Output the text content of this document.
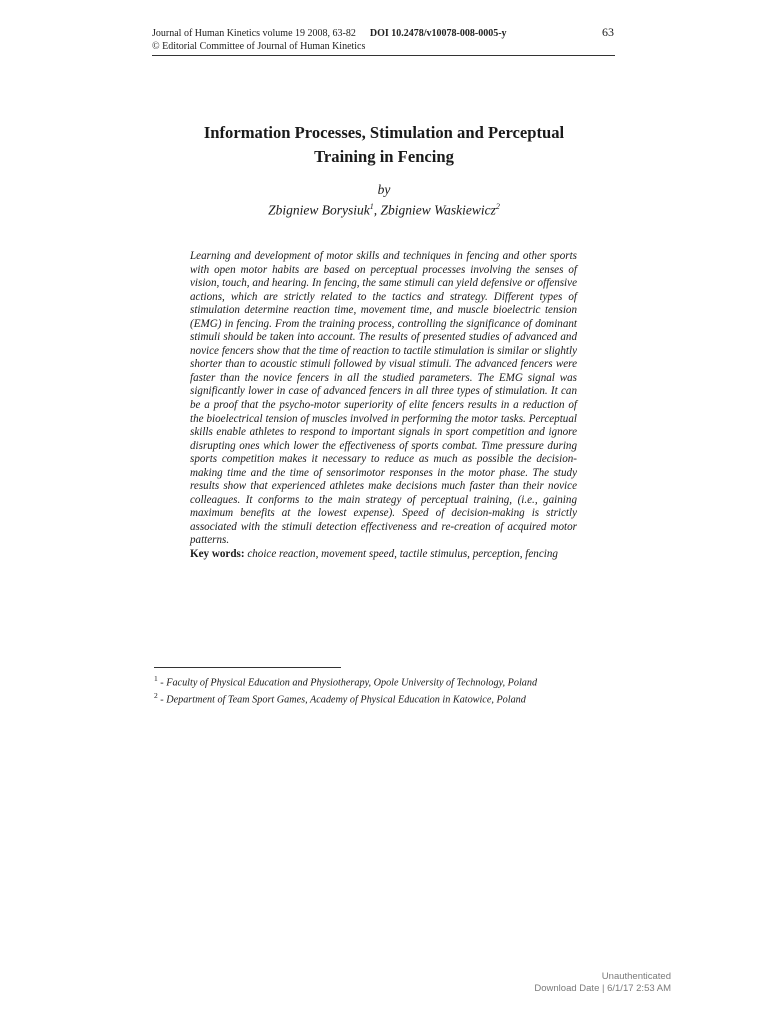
Journal of Human Kinetics volume 19 2008, 63-82 DOI 10.2478/v10078-008-0005-y
© Editorial Committee of Journal of Human Kinetics
63
Information Processes, Stimulation and Perceptual
Training in Fencing
by
Zbigniew Borysiuk$^1$, Zbigniew Waskiewicz$^2$

Learning and development of motor skills and techniques in fencing and other sports with open motor habits are based on perceptual processes involving the senses of vision, touch, and hearing. In fencing, the same stimuli can yield defensive or offensive actions, which are strictly related to the tactics and strategy. Different types of stimulation determine reaction time, movement time, and muscle bioelectric tension (EMG) in fencing. From the training process, controlling the significance of dominant stimuli should be taken into account. The results of presented studies of advanced and novice fencers show that the time of reaction to tactile stimulation is similar or slightly shorter than to acoustic stimuli followed by visual stimuli. The advanced fencers were faster than the novice fencers in all the studied parameters. The EMG signal was significantly lower in case of advanced fencers in all three types of stimulation. It can be a proof that the psycho-motor superiority of elite fencers results in a reduction of the bioelectrical tension of muscles involved in performing the motor tasks. Perceptual skills enable athletes to respond to important signals in sport competition and ignore disrupting ones which lower the effectiveness of sports combat. Time pressure during sports competition makes it necessary to reduce as much as possible the decision-making time and the time of sensorimotor responses in the motor phase. The study results show that experienced athletes make decisions much faster than their novice colleagues. It conforms to the main strategy of perceptual training, (i.e., gaining maximum benefits at the lowest expense). Speed of decision-making is strictly associated with the stimuli detection effectiveness and re-creation of acquired motor patterns.

Key words: choice reaction, movement speed, tactile stimulus, perception, fencing

$^1$ - Faculty of Physical Education and Physiotherapy, Opole University of Technology, Poland
$^2$ - Department of Team Sport Games, Academy of Physical Education in Katowice, Poland
Unauthenticated
Download Date | 6/1/17 2:53 AM
